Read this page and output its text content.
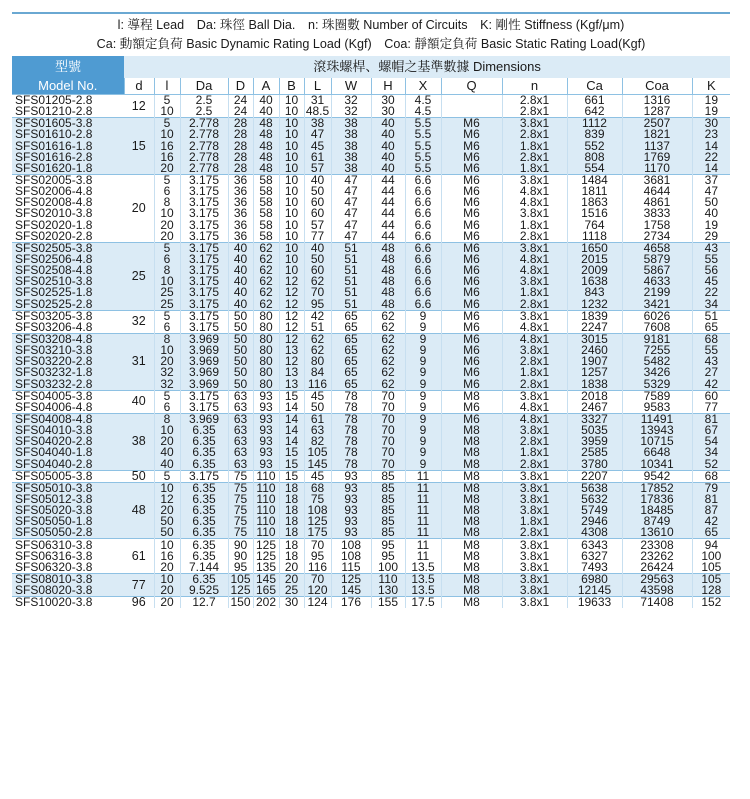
l: 導程 Lead　Da: 珠徑 Ball Dia.　n: 珠圈數 Number of Circuits　K: 剛性 Stiffness (Kgf/μm)
Ca: 動額定負荷 Basic Dynamic Rating Load (Kgf)　Coa: 靜額定負荷 Basic Static Rating Load(Kgf)
型號	滾珠螺桿、螺帽之基準數據 Dimensions														
Model No.	d	l	Da	D	A	B	L	W	H	X	Q	n	Ca	Coa	K
SFS01205-2.8	12	5	2.5	24	40	10	31	32	30	4.5		2.8x1	661	1316	19
SFS01210-2.8		10	2.5	24	40	10	48.5	32	30	4.5		2.8x1	642	1287	19
SFS01605-3.8	15	5	2.778	28	48	10	38	38	40	5.5	M6	3.8x1	1112	2507	30
SFS01610-2.8		10	2.778	28	48	10	47	38	40	5.5	M6	2.8x1	839	1821	23
SFS01616-1.8		16	2.778	28	48	10	45	38	40	5.5	M6	1.8x1	552	1137	14
SFS01616-2.8		16	2.778	28	48	10	61	38	40	5.5	M6	2.8x1	808	1769	22
SFS01620-1.8		20	2.778	28	48	10	57	38	40	5.5	M6	1.8x1	554	1170	14
SFS02005-3.8	20	5	3.175	36	58	10	40	47	44	6.6	M6	3.8x1	1484	3681	37
SFS02006-4.8		6	3.175	36	58	10	50	47	44	6.6	M6	4.8x1	1811	4644	47
SFS02008-4.8		8	3.175	36	58	10	60	47	44	6.6	M6	4.8x1	1863	4861	50
SFS02010-3.8		10	3.175	36	58	10	60	47	44	6.6	M6	3.8x1	1516	3833	40
SFS02020-1.8		20	3.175	36	58	10	57	47	44	6.6	M6	1.8x1	764	1758	19
SFS02020-2.8		20	3.175	36	58	10	77	47	44	6.6	M6	2.8x1	1118	2734	29
SFS02505-3.8	25	5	3.175	40	62	10	40	51	48	6.6	M6	3.8x1	1650	4658	43
SFS02506-4.8		6	3.175	40	62	10	50	51	48	6.6	M6	4.8x1	2015	5879	55
SFS02508-4.8		8	3.175	40	62	10	60	51	48	6.6	M6	4.8x1	2009	5867	56
SFS02510-3.8		10	3.175	40	62	12	62	51	48	6.6	M6	3.8x1	1638	4633	45
SFS02525-1.8		25	3.175	40	62	12	70	51	48	6.6	M6	1.8x1	843	2199	22
SFS02525-2.8		25	3.175	40	62	12	95	51	48	6.6	M6	2.8x1	1232	3421	34
SFS03205-3.8	32	5	3.175	50	80	12	42	65	62	9	M6	3.8x1	1839	6026	51
SFS03206-4.8		6	3.175	50	80	12	51	65	62	9	M6	4.8x1	2247	7608	65
SFS03208-4.8	31	8	3.969	50	80	12	62	65	62	9	M6	4.8x1	3015	9181	68
SFS03210-3.8		10	3.969	50	80	13	62	65	62	9	M6	3.8x1	2460	7255	55
SFS03220-2.8		20	3.969	50	80	12	80	65	62	9	M6	2.8x1	1907	5482	43
SFS03232-1.8		32	3.969	50	80	13	84	65	62	9	M6	1.8x1	1257	3426	27
SFS03232-2.8		32	3.969	50	80	13	116	65	62	9	M6	2.8x1	1838	5329	42
SFS04005-3.8	40	5	3.175	63	93	15	45	78	70	9	M8	3.8x1	2018	7589	60
SFS04006-4.8		6	3.175	63	93	14	50	78	70	9	M6	4.8x1	2467	9583	77
SFS04008-4.8	38	8	3.969	63	93	14	61	78	70	9	M6	4.8x1	3327	11491	81
SFS04010-3.8		10	6.35	63	93	14	63	78	70	9	M8	3.8x1	5035	13943	67
SFS04020-2.8		20	6.35	63	93	14	82	78	70	9	M8	2.8x1	3959	10715	54
SFS04040-1.8		40	6.35	63	93	15	105	78	70	9	M8	1.8x1	2585	6648	34
SFS04040-2.8		40	6.35	63	93	15	145	78	70	9	M8	2.8x1	3780	10341	52
SFS05005-3.8	50	5	3.175	75	110	15	45	93	85	11	M8	3.8x1	2207	9542	68
SFS05010-3.8	48	10	6.35	75	110	18	68	93	85	11	M8	3.8x1	5638	17852	79
SFS05012-3.8		12	6.35	75	110	18	75	93	85	11	M8	3.8x1	5632	17836	81
SFS05020-3.8		20	6.35	75	110	18	108	93	85	11	M8	3.8x1	5749	18485	87
SFS05050-1.8		50	6.35	75	110	18	125	93	85	11	M8	1.8x1	2946	8749	42
SFS05050-2.8		50	6.35	75	110	18	175	93	85	11	M8	2.8x1	4308	13610	65
SFS06310-3.8	61	10	6.35	90	125	18	70	108	95	11	M8	3.8x1	6343	23308	94
SFS06316-3.8		16	6.35	90	125	18	95	108	95	11	M8	3.8x1	6327	23262	100
SFS06320-3.8		20	7.144	95	135	20	116	115	100	13.5	M8	3.8x1	7493	26424	105
SFS08010-3.8	77	10	6.35	105	145	20	70	125	110	13.5	M8	3.8x1	6980	29563	105
SFS08020-3.8		20	9.525	125	165	25	120	145	130	13.5	M8	3.8x1	12145	43598	128
SFS10020-3.8	96	20	12.7	150	202	30	124	176	155	17.5	M8	3.8x1	19633	71408	152
